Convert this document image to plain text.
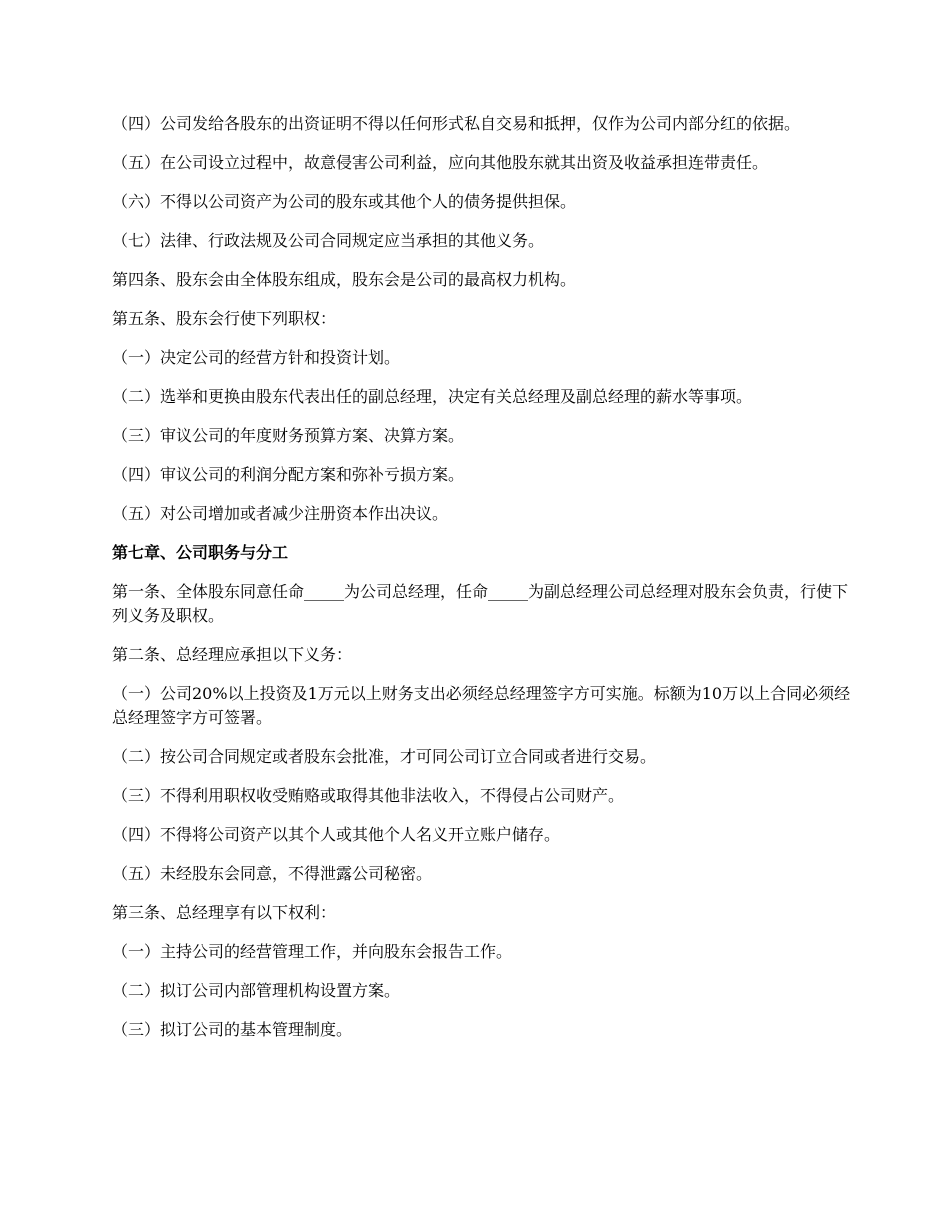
（四）公司发给各股东的出资证明不得以任何形式私自交易和抵押，仅作为公司内部分红的依据。

（五）在公司设立过程中，故意侵害公司利益，应向其他股东就其出资及收益承担连带责任。

（六）不得以公司资产为公司的股东或其他个人的债务提供担保。

（七）法律、行政法规及公司合同规定应当承担的其他义务。

第四条、股东会由全体股东组成，股东会是公司的最高权力机构。

第五条、股东会行使下列职权：

（一）决定公司的经营方针和投资计划。

（二）选举和更换由股东代表出任的副总经理，决定有关总经理及副总经理的薪水等事项。

（三）审议公司的年度财务预算方案、决算方案。

（四）审议公司的利润分配方案和弥补亏损方案。

（五）对公司增加或者减少注册资本作出决议。

第七章、公司职务与分工

第一条、全体股东同意任命_____为公司总经理，任命_____为副总经理公司总经理对股东会负责，行使下列义务及职权。

第二条、总经理应承担以下义务：

（一）公司20%以上投资及1万元以上财务支出必须经总经理签字方可实施。标额为10万以上合同必须经总经理签字方可签署。

（二）按公司合同规定或者股东会批准，才可同公司订立合同或者进行交易。

（三）不得利用职权收受贿赂或取得其他非法收入，不得侵占公司财产。

（四）不得将公司资产以其个人或其他个人名义开立账户储存。

（五）未经股东会同意，不得泄露公司秘密。

第三条、总经理享有以下权利：

（一）主持公司的经营管理工作，并向股东会报告工作。

（二）拟订公司内部管理机构设置方案。

（三）拟订公司的基本管理制度。
